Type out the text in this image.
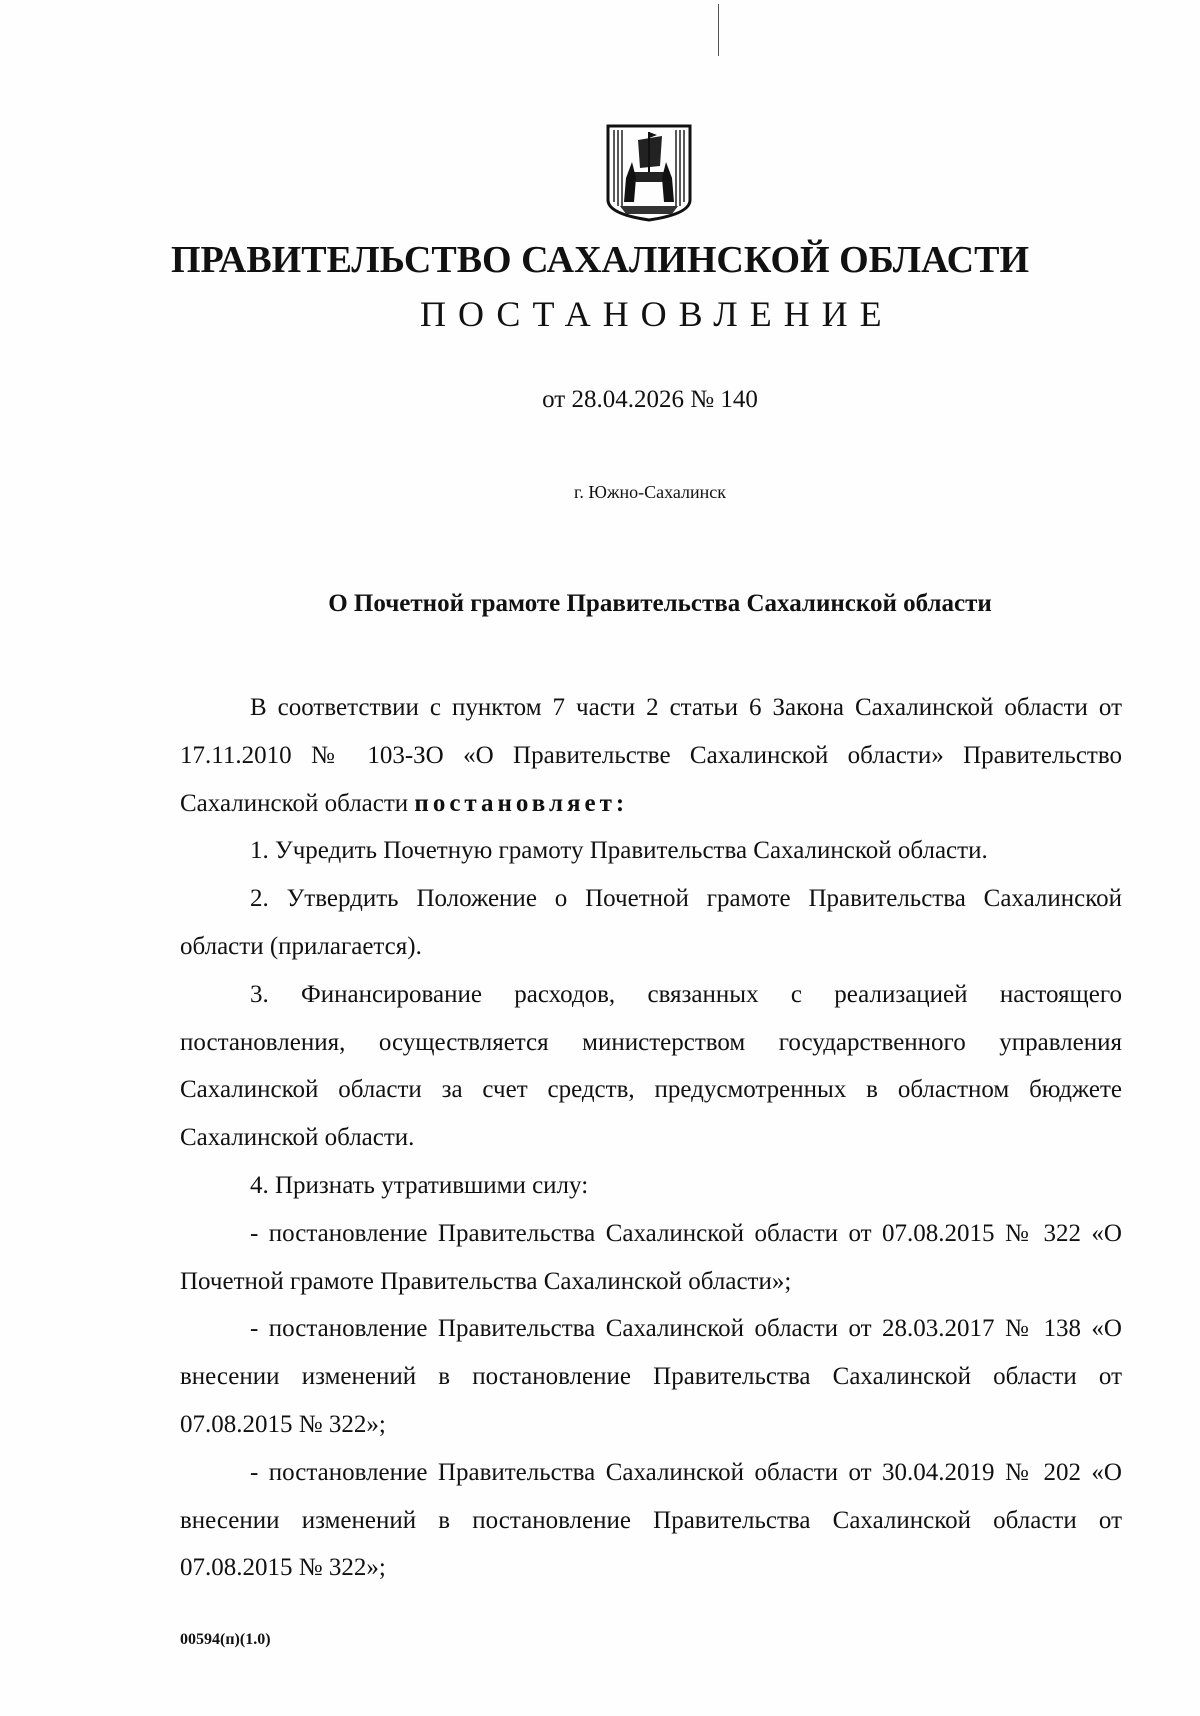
ПРАВИТЕЛЬСТВО САХАЛИНСКОЙ ОБЛАСТИ
ПОСТАНОВЛЕНИЕ
от 28.04.2026 № 140
г. Южно-Сахалинск
О Почетной грамоте Правительства Сахалинской области

В соответствии с пунктом 7 части 2 статьи 6 Закона Сахалинской области от 17.11.2010 № 103-ЗО «О Правительстве Сахалинской области» Правительство Сахалинской области постановляет:

1. Учредить Почетную грамоту Правительства Сахалинской области.

2. Утвердить Положение о Почетной грамоте Правительства Сахалинской области (прилагается).

3. Финансирование расходов, связанных с реализацией настоящего постановления, осуществляется министерством государственного управления Сахалинской области за счет средств, предусмотренных в областном бюджете Сахалинской области.

4. Признать утратившими силу:

- постановление Правительства Сахалинской области от 07.08.2015 № 322 «О Почетной грамоте Правительства Сахалинской области»;

- постановление Правительства Сахалинской области от 28.03.2017 № 138 «О внесении изменений в постановление Правительства Сахалинской области от 07.08.2015 № 322»;

- постановление Правительства Сахалинской области от 30.04.2019 № 202 «О внесении изменений в постановление Правительства Сахалинской области от 07.08.2015 № 322»;

00594(п)(1.0)
